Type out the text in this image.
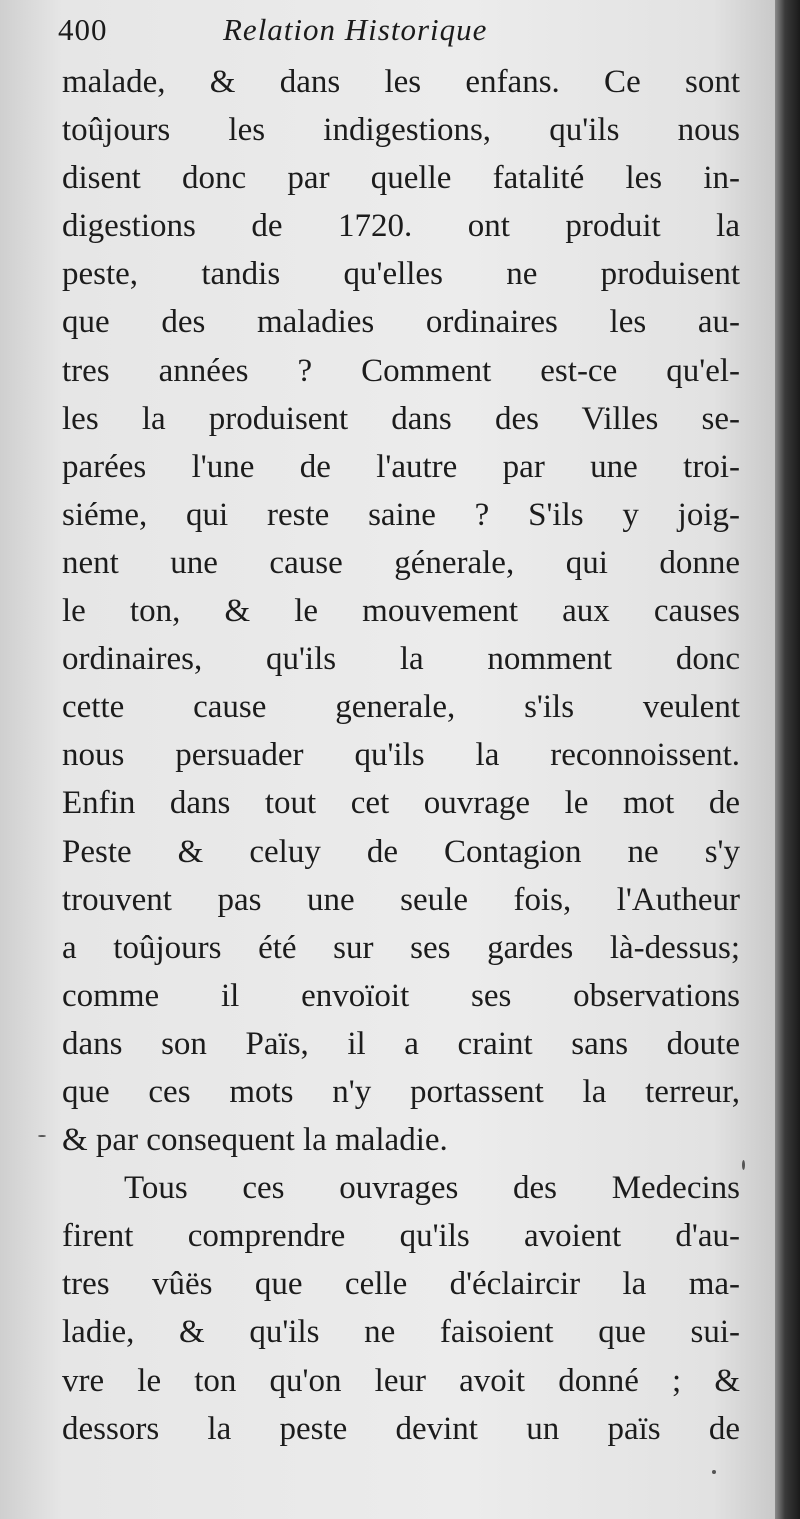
400	Relation Historique
malade, & dans les enfans. Ce sont
toûjours les indigestions, qu'ils nous
disent donc par quelle fatalité les in-
digestions de 1720. ont produit la
peste, tandis qu'elles ne produisent
que des maladies ordinaires les au-
tres années ? Comment est-ce qu'el-
les la produisent dans des Villes se-
parées l'une de l'autre par une troi-
siéme, qui reste saine ? S'ils y joig-
nent une cause génerale, qui donne
le ton, & le mouvement aux causes
ordinaires, qu'ils la nomment donc
cette cause generale, s'ils veulent
nous persuader qu'ils la reconnoissent.
Enfin dans tout cet ouvrage le mot de
Peste & celuy de Contagion ne s'y
trouvent pas une seule fois, l'Autheur
a toûjours été sur ses gardes là-dessus;
comme il envoïoit ses observations
dans son Païs, il a craint sans doute
que ces mots n'y portassent la terreur,
& par consequent la maladie.
Tous ces ouvrages des Medecins
firent comprendre qu'ils avoient d'au-
tres vûës que celle d'éclaircir la ma-
ladie, & qu'ils ne faisoient que sui-
vre le ton qu'on leur avoit donné ; &
dessors la peste devint un païs de
